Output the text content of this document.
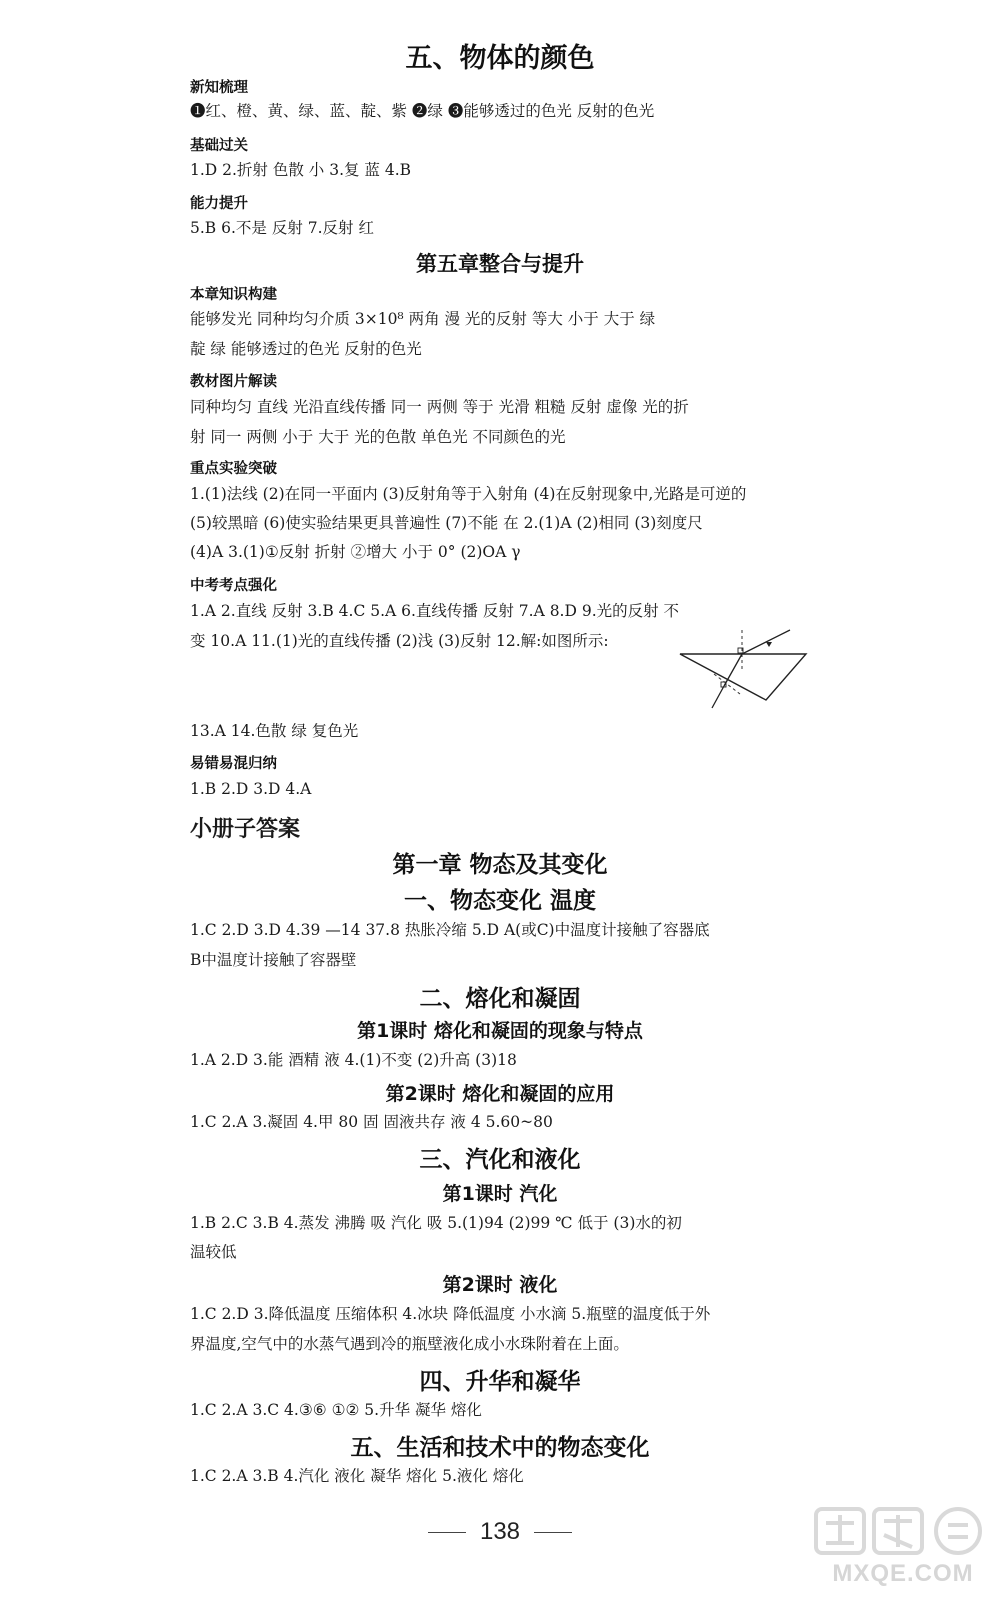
五、物体的颜色
新知梳理
❶红、橙、黄、绿、蓝、靛、紫 ❷绿 ❸能够透过的色光 反射的色光
基础过关
1.D 2.折射 色散 小 3.复 蓝 4.B
能力提升
5.B 6.不是 反射 7.反射 红
第五章整合与提升
本章知识构建
能够发光 同种均匀介质 3×10⁸ 两角 漫 光的反射 等大 小于 大于 绿
靛 绿 能够透过的色光 反射的色光
教材图片解读
同种均匀 直线 光沿直线传播 同一 两侧 等于 光滑 粗糙 反射 虚像 光的折
射 同一 两侧 小于 大于 光的色散 单色光 不同颜色的光
重点实验突破
1.(1)法线 (2)在同一平面内 (3)反射角等于入射角 (4)在反射现象中,光路是可逆的
(5)较黑暗 (6)使实验结果更具普遍性 (7)不能 在 2.(1)A (2)相同 (3)刻度尺
(4)A 3.(1)①反射 折射 ②增大 小于 0° (2)OA γ
中考考点强化
1.A 2.直线 反射 3.B 4.C 5.A 6.直线传播 反射 7.A 8.D 9.光的反射 不
变 10.A 11.(1)光的直线传播 (2)浅 (3)反射 12.解:如图所示:
13.A 14.色散 绿 复色光
易错易混归纳
1.B 2.D 3.D 4.A
小册子答案
第一章 物态及其变化
一、物态变化 温度
1.C 2.D 3.D 4.39 —14 37.8 热胀冷缩 5.D A(或C)中温度计接触了容器底
B中温度计接触了容器壁
二、熔化和凝固
第1课时 熔化和凝固的现象与特点
1.A 2.D 3.能 酒精 液 4.(1)不变 (2)升高 (3)18
第2课时 熔化和凝固的应用
1.C 2.A 3.凝固 4.甲 80 固 固液共存 液 4 5.60~80
三、汽化和液化
第1课时 汽化
1.B 2.C 3.B 4.蒸发 沸腾 吸 汽化 吸 5.(1)94 (2)99 ℃ 低于 (3)水的初
温较低
第2课时 液化
1.C 2.D 3.降低温度 压缩体积 4.冰块 降低温度 小水滴 5.瓶壁的温度低于外
界温度,空气中的水蒸气遇到冷的瓶壁液化成小水珠附着在上面。
四、升华和凝华
1.C 2.A 3.C 4.③⑥ ①② 5.升华 凝华 熔化
五、生活和技术中的物态变化
1.C 2.A 3.B 4.汽化 液化 凝华 熔化 5.液化 熔化
138
MXQE.COM
